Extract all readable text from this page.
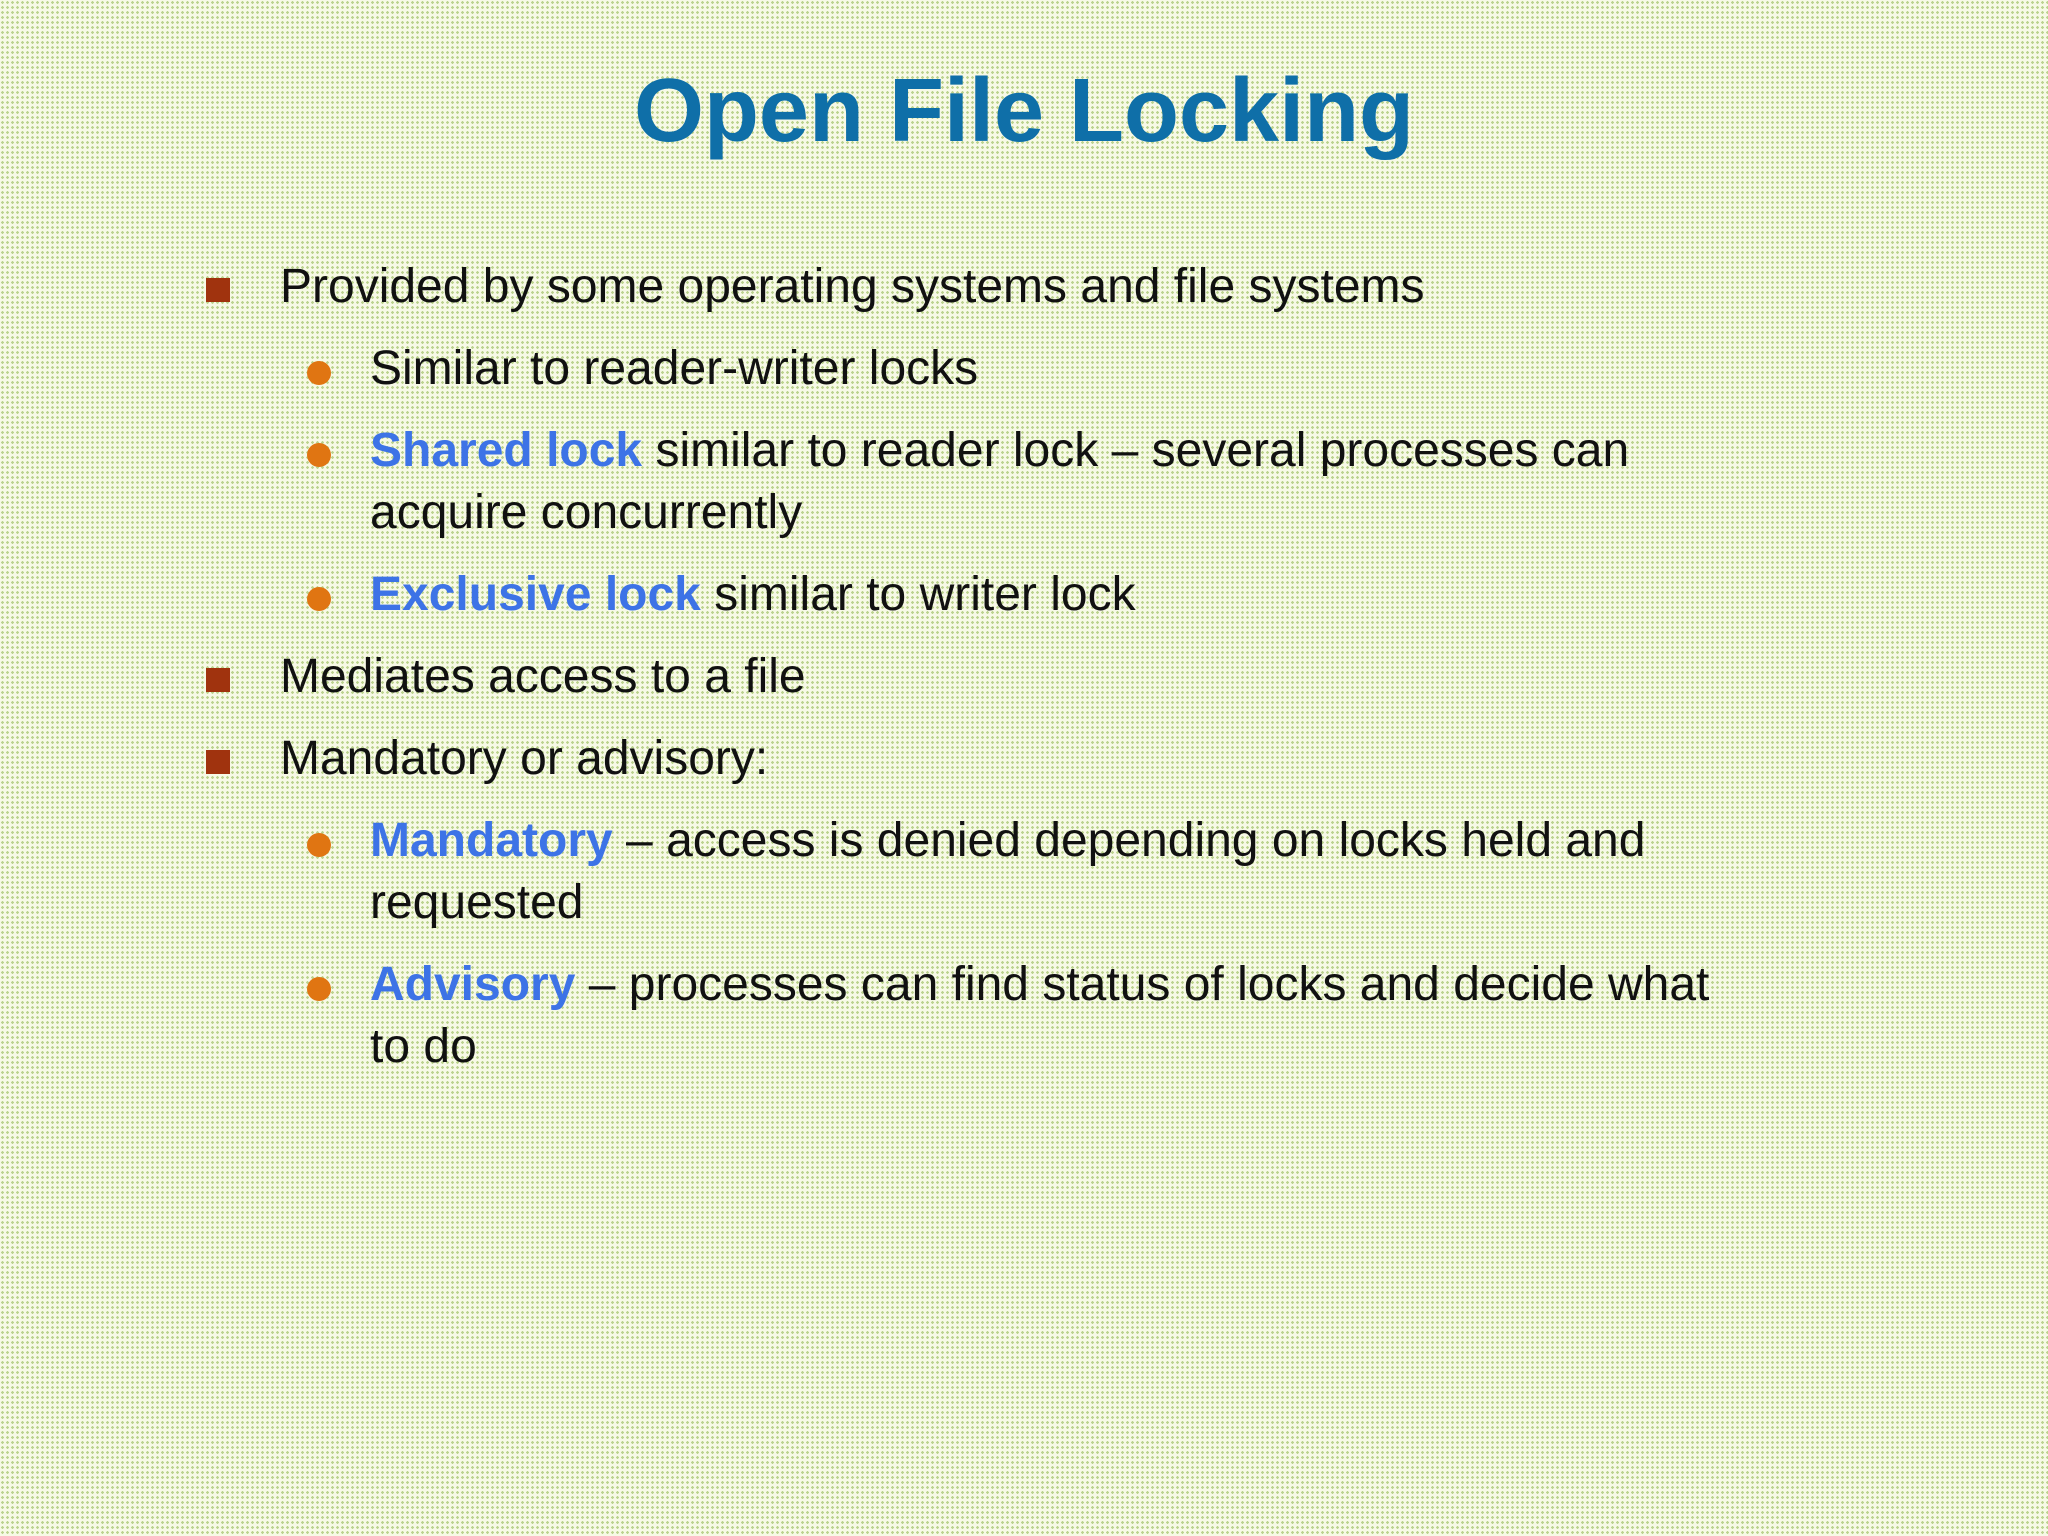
Open File Locking
Provided by some operating systems and file systems
Similar to reader-writer locks
Shared lock similar to reader lock – several processes can acquire concurrently
Exclusive lock similar to writer lock
Mediates access to a file
Mandatory or advisory:
Mandatory – access is denied depending on locks held and requested
Advisory – processes can find status of locks and decide what to do
